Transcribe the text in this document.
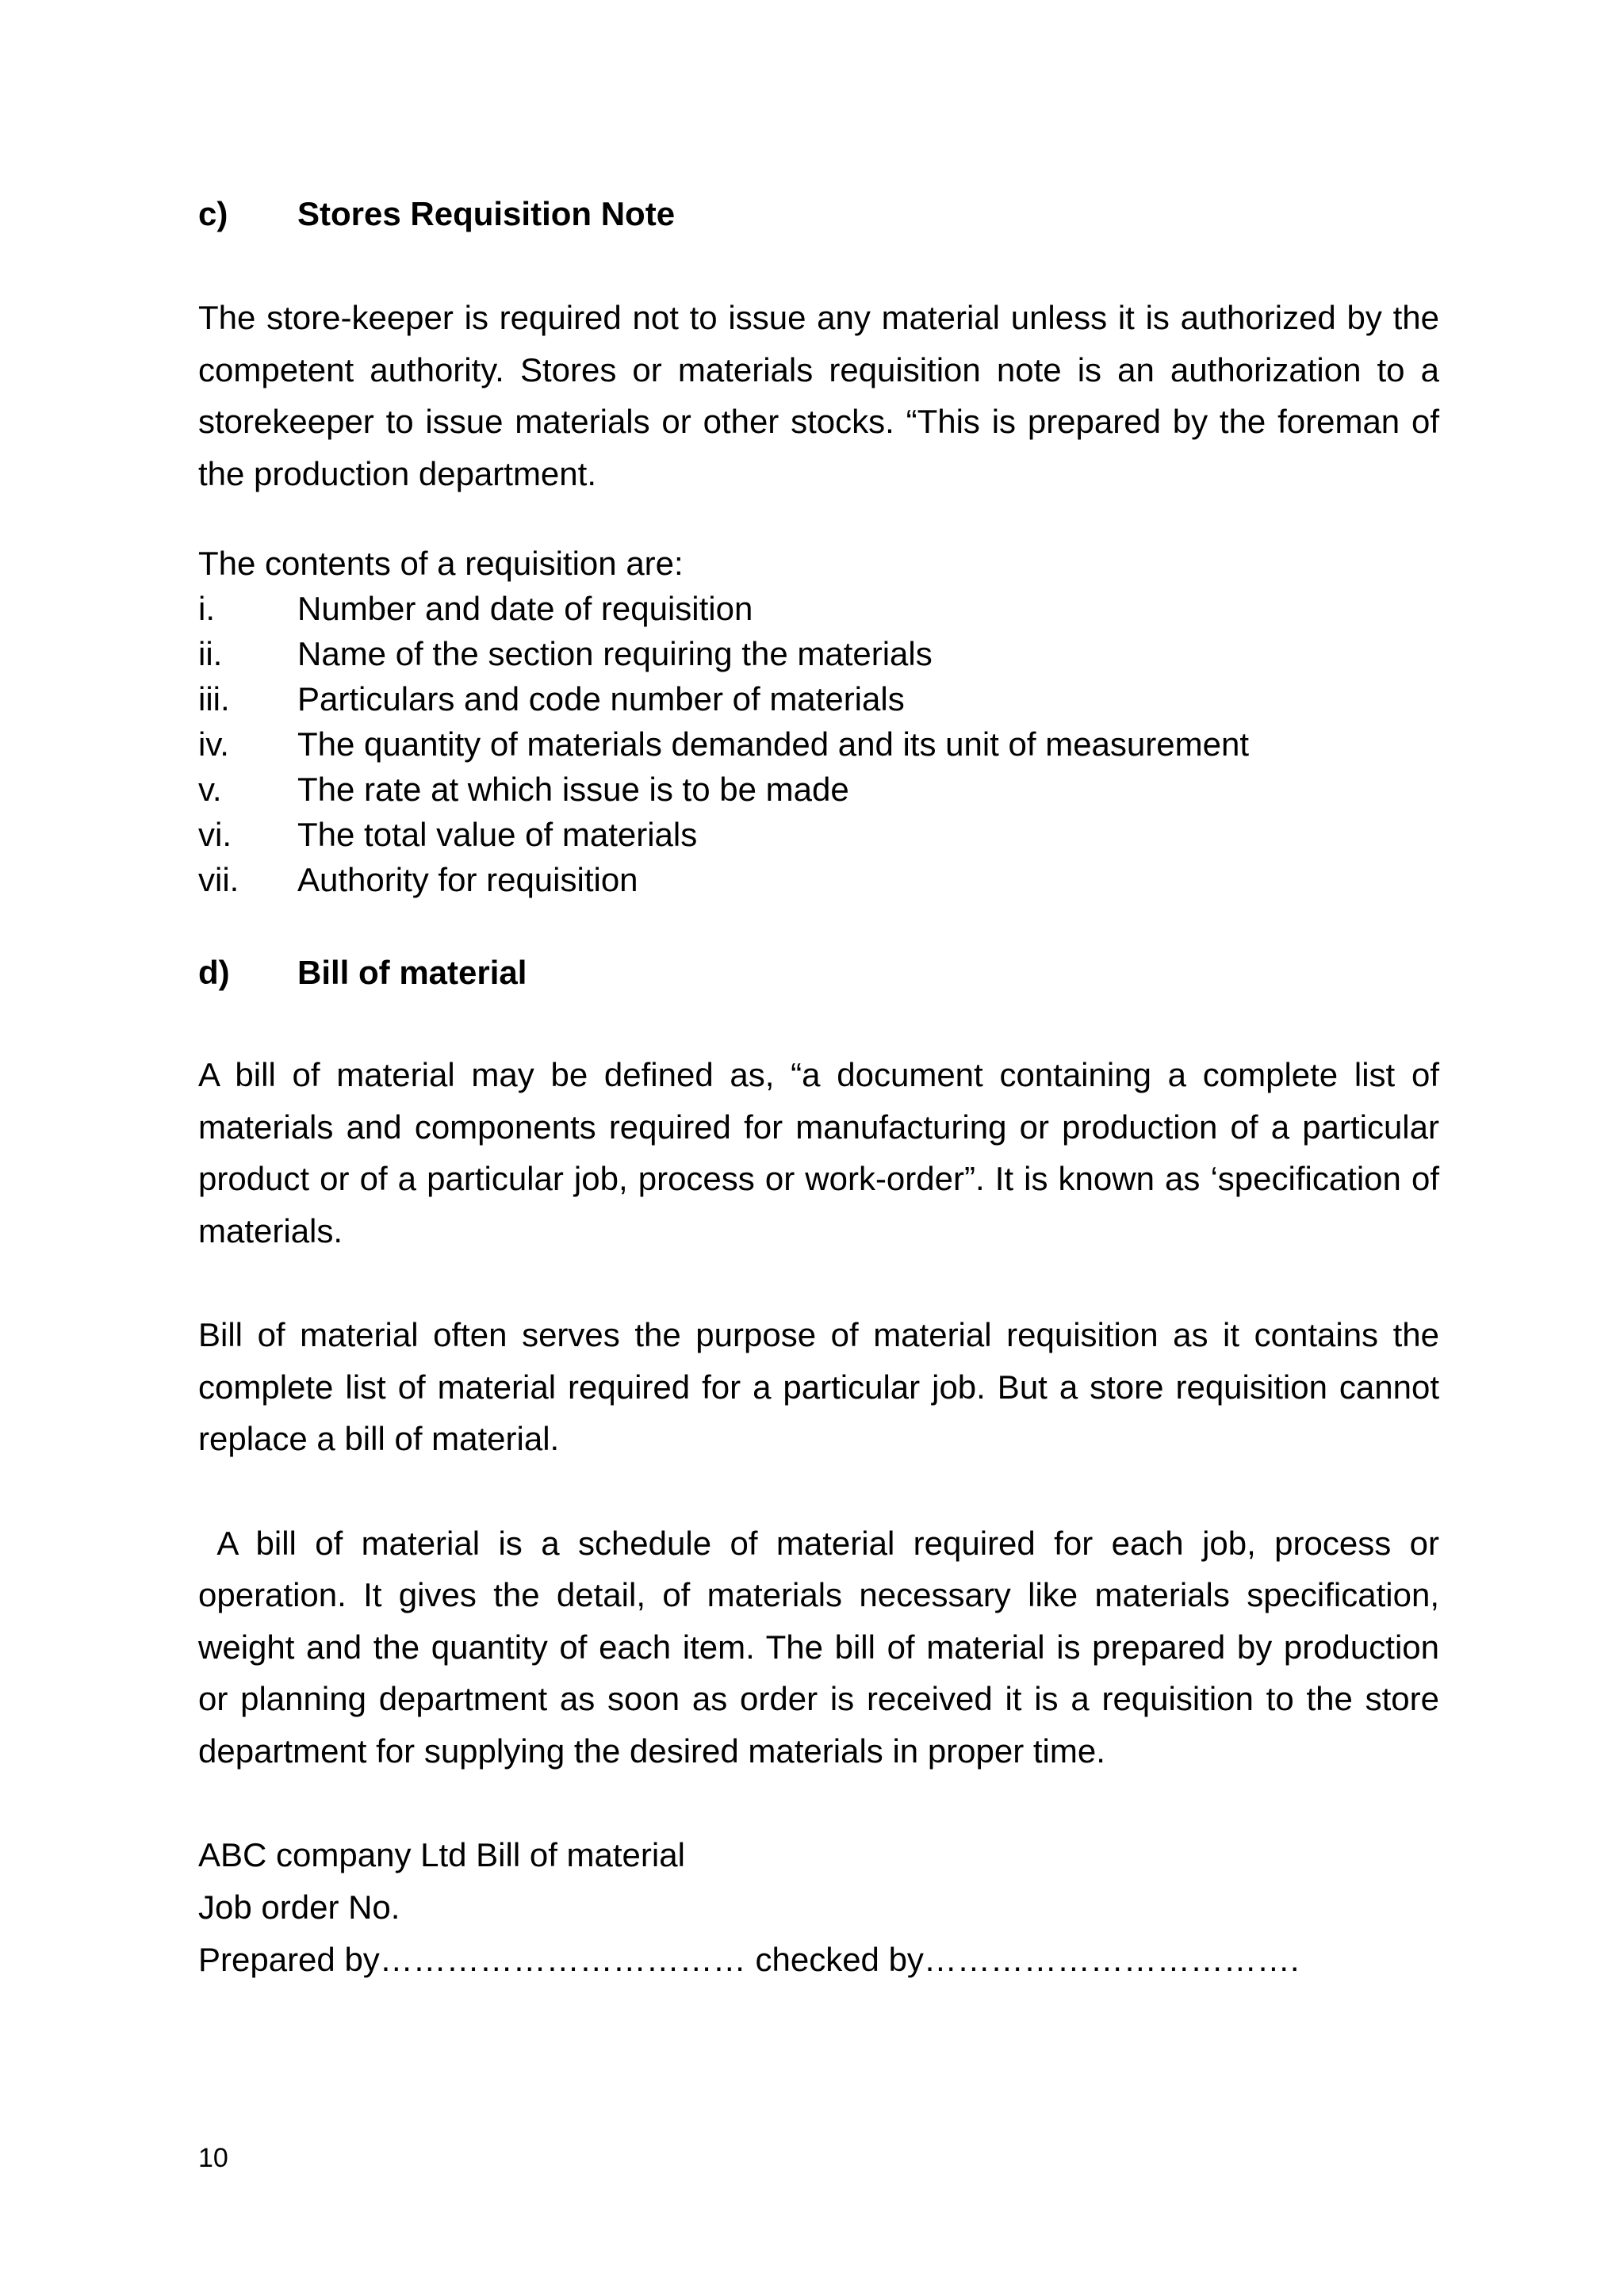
c)	Stores Requisition Note

The store-keeper is required not to issue any material unless it is authorized by the competent authority. Stores or materials requisition note is an authorization to a storekeeper to issue materials or other stocks. “This is prepared by the foreman of the production department.

The contents of a requisition are:

i.	Number and date of requisition
ii.	Name of the section requiring the materials
iii.	Particulars and code number of materials
iv.	The quantity of materials demanded and its unit of measurement
v.	The rate at which issue is to be made
vi.	The total value of materials
vii.	Authority for requisition
d)	Bill of material

A bill of material may be defined as, “a document containing a complete list of materials and components required for manufacturing or production of a particular product or of a particular job, process or work-order”. It is known as ‘specification of materials.

Bill of material often serves the purpose of material requisition as it contains the complete list of material required for a particular job. But a store requisition cannot replace a bill of material.

A bill of material is a schedule of material required for each job, process or operation. It gives the detail, of materials necessary like materials specification, weight and the quantity of each item. The bill of material is prepared by production or planning department as soon as order is received it is a requisition to the store department for supplying the desired materials in proper time.

ABC company Ltd Bill of material

Job order No.

Prepared by…………………………… checked by…………………………….

10
